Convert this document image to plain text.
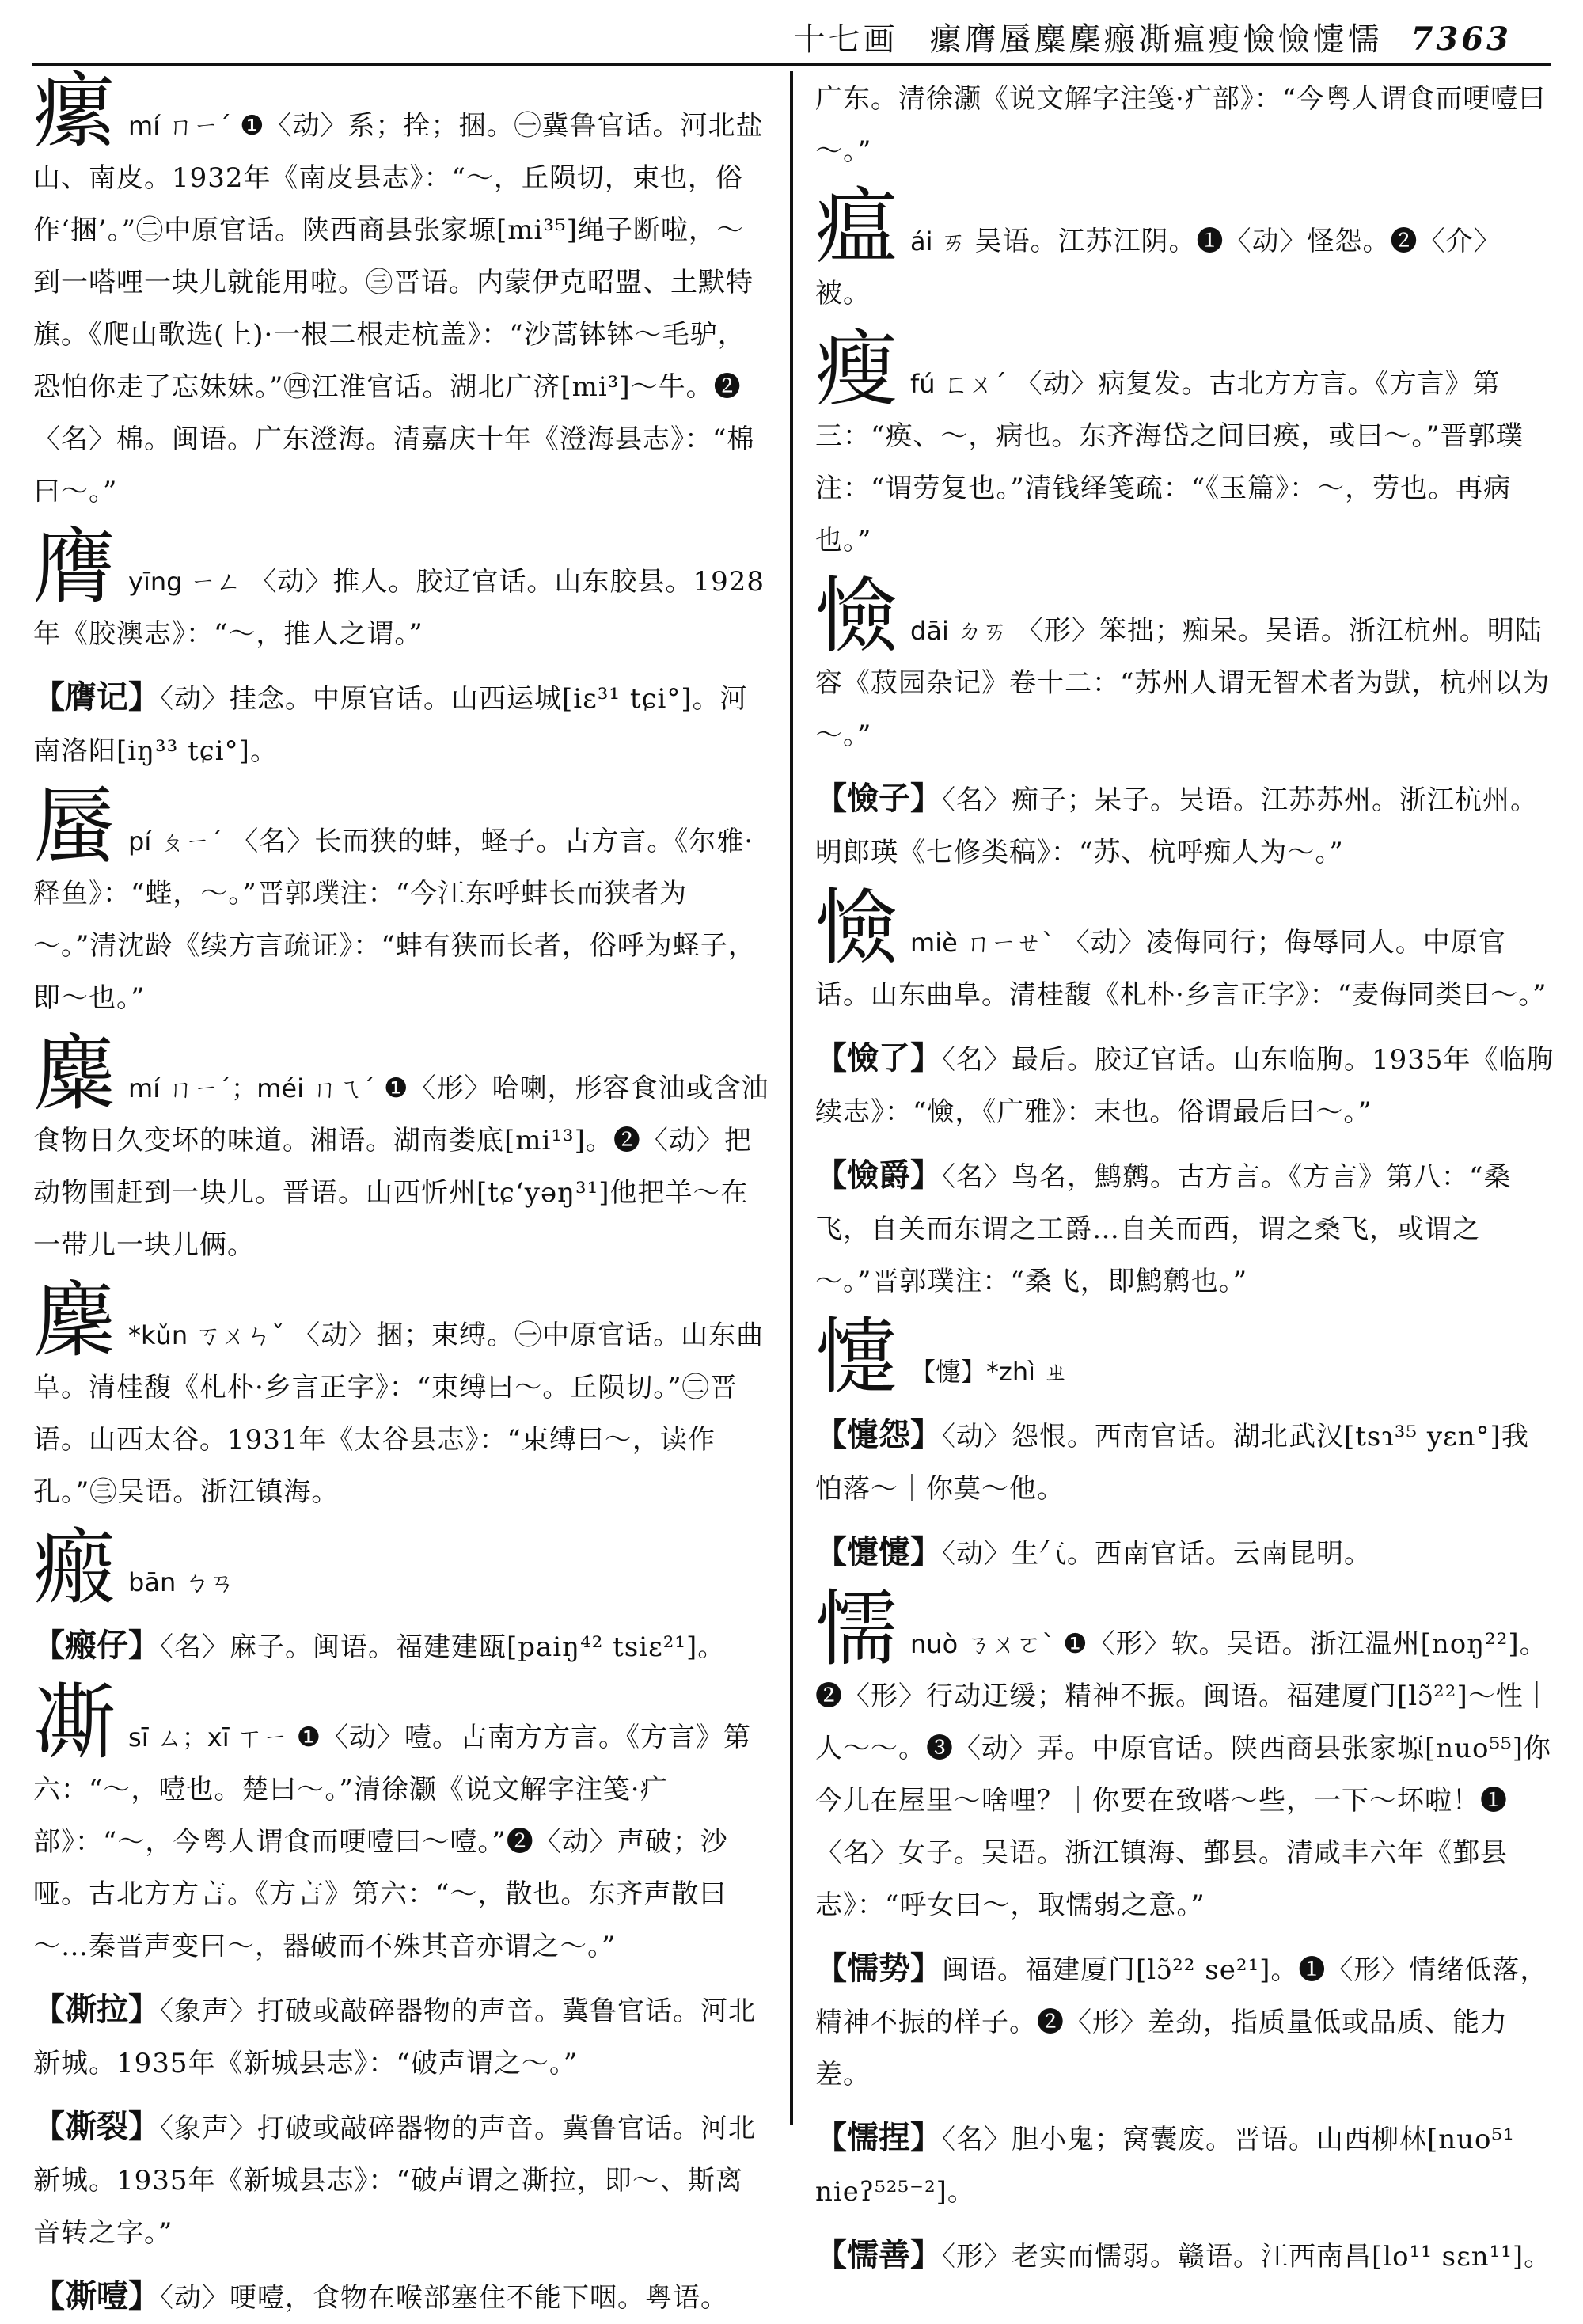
十七画 瘰膺蜃麋麇瘢凘瘟瘦憸憸懥懦 7363
瘰mí ㄇㄧˊ ❶〈动〉系；拴；捆。㊀冀鲁官话。河北盐山、南皮。1932年《南皮县志》：“～，丘陨切，束也，俗作‘捆’。”㊁中原官话。陕西商县张家塬[mi³⁵]绳子断啦，～到一嗒哩一块儿就能用啦。㊂晋语。内蒙伊克昭盟、土默特旗。《爬山歌选(上)·一根二根走杭盖》：“沙蒿钵钵～毛驴，恐怕你走了忘妹妹。”㊃江淮官话。湖北广济[mi³]～牛。❷〈名〉棉。闽语。广东澄海。清嘉庆十年《澄海县志》：“棉曰～。”
膺yīng ㄧㄥ 〈动〉推人。胶辽官话。山东胶县。1928年《胶澳志》：“～，推人之谓。”
【膺记】〈动〉挂念。中原官话。山西运城[iɛ³¹ tɕi°]。河南洛阳[iŋ³³ tɕi°]。
蜃pí ㄆㄧˊ 〈名〉长而狭的蚌，蛏子。古方言。《尔雅·释鱼》：“蜌，～。”晋郭璞注：“今江东呼蚌长而狭者为～。”清沈龄《续方言疏证》：“蚌有狭而长者，俗呼为蛏子，即～也。”
麋mí ㄇㄧˊ；méi ㄇㄟˊ ❶〈形〉哈喇，形容食油或含油食物日久变坏的味道。湘语。湖南娄底[mi¹³]。❷〈动〉把动物围赶到一块儿。晋语。山西忻州[tɕ‘yəŋ³¹]他把羊～在一带儿一块儿俩。
麇 *kǔn ㄎㄨㄣˇ 〈动〉捆；束缚。㊀中原官话。山东曲阜。清桂馥《札朴·乡言正字》：“束缚曰～。丘陨切。”㊁晋语。山西太谷。1931年《太谷县志》：“束缚曰～，读作孔。”㊂吴语。浙江镇海。
瘢bān ㄅㄢ
【瘢仔】〈名〉麻子。闽语。福建建瓯[paiŋ⁴² tsiɛ²¹]。
凘sī ㄙ；xī ㄒㄧ ❶〈动〉噎。古南方方言。《方言》第六：“～，噎也。楚曰～。”清徐灏《说文解字注笺·疒部》：“～，今粤人谓食而哽噎曰～噎。”❷〈动〉声破；沙哑。古北方方言。《方言》第六：“～，散也。东齐声散曰～…秦晋声变曰～，器破而不殊其音亦谓之～。”
【凘拉】〈象声〉打破或敲碎器物的声音。冀鲁官话。河北新城。1935年《新城县志》：“破声谓之～。”
【凘裂】〈象声〉打破或敲碎器物的声音。冀鲁官话。河北新城。1935年《新城县志》：“破声谓之凘拉，即～、斯离音转之字。”
【凘噎】〈动〉哽噎，食物在喉部塞住不能下咽。粤语。
广东。清徐灏《说文解字注笺·疒部》：“今粤人谓食而哽噎曰～。”
瘟ái ㄞ 吴语。江苏江阴。❶〈动〉怪怨。❷〈介〉被。
瘦fú ㄈㄨˊ 〈动〉病复发。古北方方言。《方言》第三：“痪、～，病也。东齐海岱之间曰痪，或曰～。”晋郭璞注：“谓劳复也。”清钱绎笺疏：“《玉篇》：～，劳也。再病也。”
憸dāi ㄉㄞ 〈形〉笨拙；痴呆。吴语。浙江杭州。明陆容《菽园杂记》卷十二：“苏州人谓无智术者为獃，杭州以为～。”
【憸子】〈名〉痴子；呆子。吴语。江苏苏州。浙江杭州。明郎瑛《七修类稿》：“苏、杭呼痴人为～。”
憸miè ㄇㄧㄝˋ 〈动〉凌侮同行；侮辱同人。中原官话。山东曲阜。清桂馥《札朴·乡言正字》：“麦侮同类曰～。”
【憸了】〈名〉最后。胶辽官话。山东临朐。1935年《临朐续志》：“憸，《广雅》：末也。俗谓最后曰～。”
【憸爵】〈名〉鸟名，鹪鹩。古方言。《方言》第八：“桑飞，自关而东谓之工爵…自关而西，谓之桑飞，或谓之～。”晋郭璞注：“桑飞，即鹪鹩也。”
懥 【懥】*zhì ㄓ
【懥怨】〈动〉怨恨。西南官话。湖北武汉[tsɿ³⁵ yɛn°]我怕落～｜你莫～他。
【懥懥】〈动〉生气。西南官话。云南昆明。
懦nuò ㄋㄨㄛˋ ❶〈形〉软。吴语。浙江温州[noŋ²²]。❷〈形〉行动迂缓；精神不振。闽语。福建厦门[lɔ̃²²]～性｜人～～。❸〈动〉弄。中原官话。陕西商县张家塬[nuo⁵⁵]你今儿在屋里～啥哩？｜你要在致嗒～些，一下～坏啦！❶〈名〉女子。吴语。浙江镇海、鄞县。清咸丰六年《鄞县志》：“呼女曰～，取懦弱之意。”
【懦势】闽语。福建厦门[lɔ̃²² se²¹]。❶〈形〉情绪低落，精神不振的样子。❷〈形〉差劲，指质量低或品质、能力差。
【懦捏】〈名〉胆小鬼；窝囊废。晋语。山西柳林[nuo⁵¹ nieʔ⁵²⁵⁻²]。
【懦善】〈形〉老实而懦弱。赣语。江西南昌[lo¹¹ sɛn¹¹]。
